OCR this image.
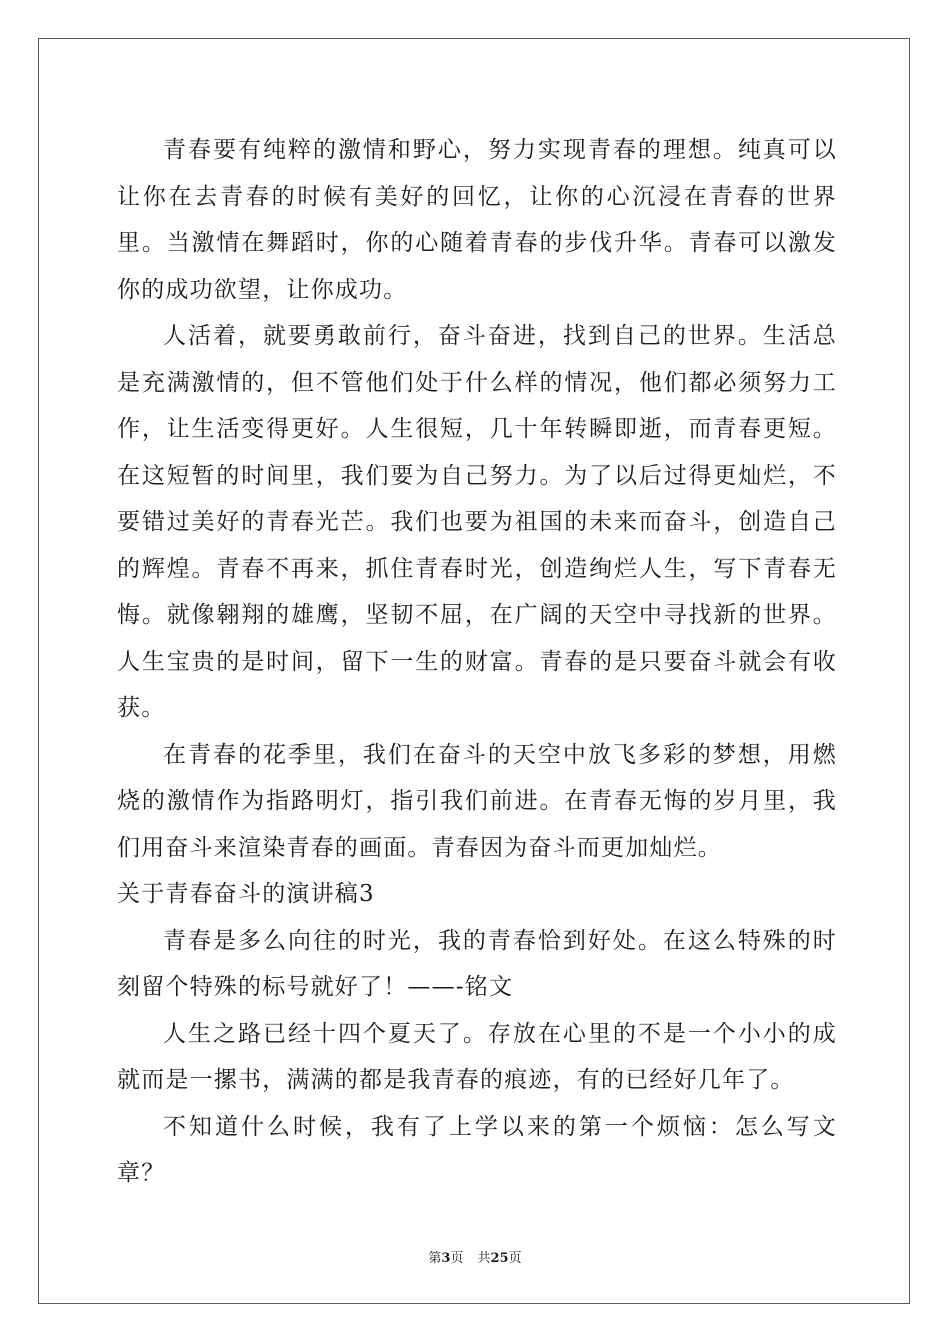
青春要有纯粹的激情和野心，努力实现青春的理想。纯真可以让你在去青春的时候有美好的回忆，让你的心沉浸在青春的世界里。当激情在舞蹈时，你的心随着青春的步伐升华。青春可以激发你的成功欲望，让你成功。

人活着，就要勇敢前行，奋斗奋进，找到自己的世界。生活总是充满激情的，但不管他们处于什么样的情况，他们都必须努力工作，让生活变得更好。人生很短，几十年转瞬即逝，而青春更短。在这短暂的时间里，我们要为自己努力。为了以后过得更灿烂，不要错过美好的青春光芒。我们也要为祖国的未来而奋斗，创造自己的辉煌。青春不再来，抓住青春时光，创造绚烂人生，写下青春无悔。就像翱翔的雄鹰，坚韧不屈，在广阔的天空中寻找新的世界。人生宝贵的是时间，留下一生的财富。青春的是只要奋斗就会有收获。

在青春的花季里，我们在奋斗的天空中放飞多彩的梦想，用燃烧的激情作为指路明灯，指引我们前进。在青春无悔的岁月里，我们用奋斗来渲染青春的画面。青春因为奋斗而更加灿烂。

关于青春奋斗的演讲稿3

青春是多么向往的时光，我的青春恰到好处。在这么特殊的时刻留个特殊的标号就好了！——-铭文

人生之路已经十四个夏天了。存放在心里的不是一个小小的成就而是一摞书，满满的都是我青春的痕迹，有的已经好几年了。

不知道什么时候，我有了上学以来的第一个烦恼：怎么写文章？

第3页 共25页
